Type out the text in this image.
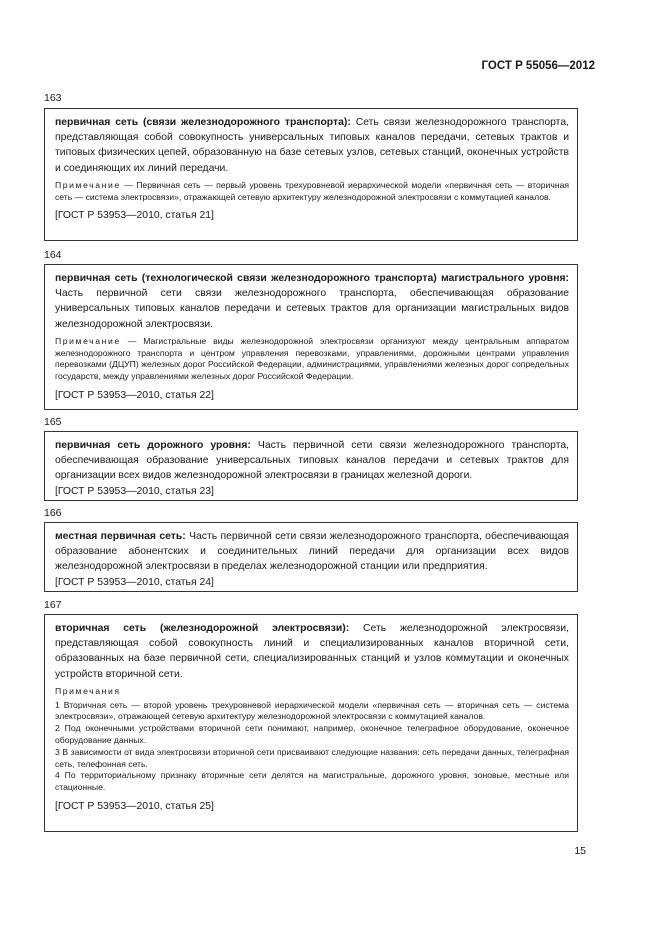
ГОСТ Р 55056—2012
163

первичная сеть (связи железнодорожного транспорта): Сеть связи железнодорожного транспорта, представляющая собой совокупность универсальных типовых каналов передачи, сетевых трактов и типовых физических цепей, образованную на базе сетевых узлов, сетевых станций, оконечных устройств и соединяющих их линий передачи.

Примечание — Первичная сеть — первый уровень трехуровневой иерархической модели «первичная сеть — вторичная сеть — система электросвязи», отражающей сетевую архитектуру железнодорожной электросвязи с коммутацией каналов.

[ГОСТ Р 53953—2010, статья 21]

164

первичная сеть (технологической связи железнодорожного транспорта) магистрального уровня: Часть первичной сети связи железнодорожного транспорта, обеспечивающая образование универсальных типовых каналов передачи и сетевых трактов для организации магистральных видов железнодорожной электросвязи.

Примечание — Магистральные виды железнодорожной электросвязи организуют между центральным аппаратом железнодорожного транспорта и центром управления перевозками, управлениями, дорожными центрами управления перевозками (ДЦУП) железных дорог Российской Федерации, администрациями, управлениями железных дорог сопредельных государств, между управлениями железных дорог Российской Федерации.

[ГОСТ Р 53953—2010, статья 22]

165

первичная сеть дорожного уровня: Часть первичной сети связи железнодорожного транспорта, обеспечивающая образование универсальных типовых каналов передачи и сетевых трактов для организации всех видов железнодорожной электросвязи в границах железной дороги.

[ГОСТ Р 53953—2010, статья 23]

166

местная первичная сеть: Часть первичной сети связи железнодорожного транспорта, обеспечивающая образование абонентских и соединительных линий передачи для организации всех видов железнодорожной электросвязи в пределах железнодорожной станции или предприятия.

[ГОСТ Р 53953—2010, статья 24]

167

вторичная сеть (железнодорожной электросвязи): Сеть железнодорожной электросвязи, представляющая собой совокупность линий и специализированных каналов вторичной сети, образованных на базе первичной сети, специализированных станций и узлов коммутации и оконечных устройств вторичной сети.

Примечания

1 Вторичная сеть — второй уровень трехуровневой иерархической модели «первичная сеть — вторичная сеть — система электросвязи», отражающей сетевую архитектуру железнодорожной электросвязи с коммутацией каналов.

2 Под оконечными устройствами вторичной сети понимают, например, оконечное телеграфное оборудование, оконечное оборудование данных.

3 В зависимости от вида электросвязи вторичной сети присваивают следующие названия: сеть передачи данных, телеграфная сеть, телефонная сеть.

4 По территориальному признаку вторичные сети делятся на магистральные, дорожного уровня, зоновые, местные или стационные.

[ГОСТ Р 53953—2010, статья 25]

15
